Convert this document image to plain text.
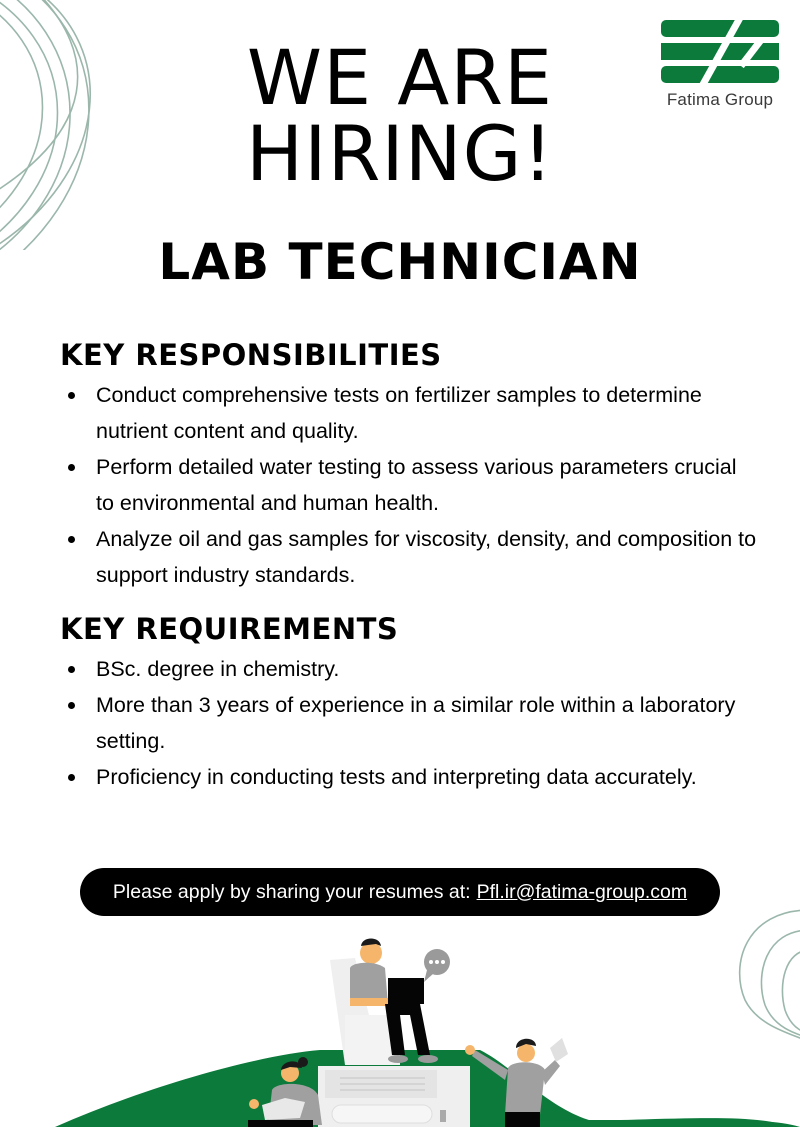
Fatima Group
WE ARE
HIRING!
LAB TECHNICIAN
KEY RESPONSIBILITIES
Conduct comprehensive tests on fertilizer samples to determine nutrient content and quality.
Perform detailed water testing to assess various parameters crucial to environmental and human health.
Analyze oil and gas samples for viscosity, density, and composition to support industry standards.
KEY REQUIREMENTS
BSc. degree in chemistry.
More than 3 years of experience in a similar role within a laboratory setting.
Proficiency in conducting tests and interpreting data accurately.
Please apply by sharing your resumes at: Pfl.ir@fatima-group.com
